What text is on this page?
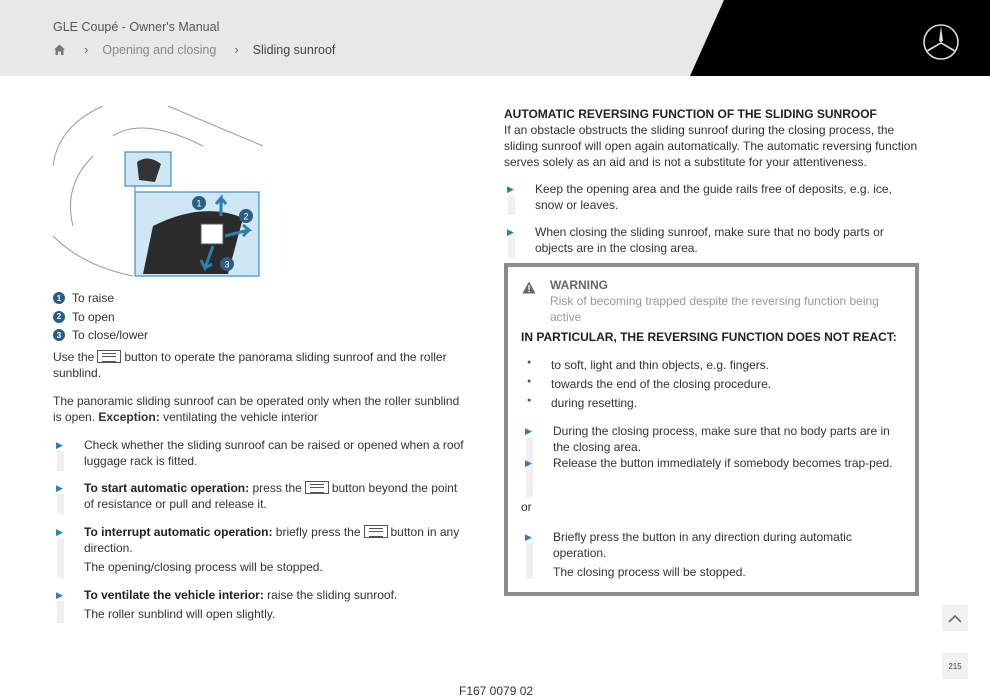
GLE Coupé - Owner's Manual
› Opening and closing › Sliding sunroof
1
2
3
1 To raise
2 To open
3 To close/lower
Use the	button to operate the panorama sliding sunroof and the roller sunblind.
The panoramic sliding sunroof can be operated only when the roller sunblind is open. Exception: ventilating the vehicle interior
▶ Check whether the sliding sunroof can be raised or opened when a roof luggage rack is fitted.
▶ To start automatic operation: press the	button beyond the point of resistance or pull and release it.
▶ To interrupt automatic operation: briefly press the	button in any direction.
The opening/closing process will be stopped.
▶ To ventilate the vehicle interior: raise the sliding sunroof.
The roller sunblind will open slightly.
AUTOMATIC REVERSING FUNCTION OF THE SLIDING SUNROOF
If an obstacle obstructs the sliding sunroof during the closing process, the sliding sunroof will open again automatically. The automatic reversing function serves solely as an aid and is not a substitute for your attentiveness.
▶ Keep the opening area and the guide rails free of deposits, e.g. ice, snow or leaves.
▶ When closing the sliding sunroof, make sure that no body parts or objects are in the closing area.
WARNING
Risk of becoming trapped despite the reversing function being active
IN PARTICULAR, THE REVERSING FUNCTION DOES NOT REACT:
● to soft, light and thin objects, e.g. fingers.
● towards the end of the closing procedure.
● during resetting.
▶ During the closing process, make sure that no body parts are in the closing area.
▶ Release the button immediately if somebody becomes trap-ped.
or
▶ Briefly press the button in any direction during automatic operation.
The closing process will be stopped.
215
F167 0079 02
